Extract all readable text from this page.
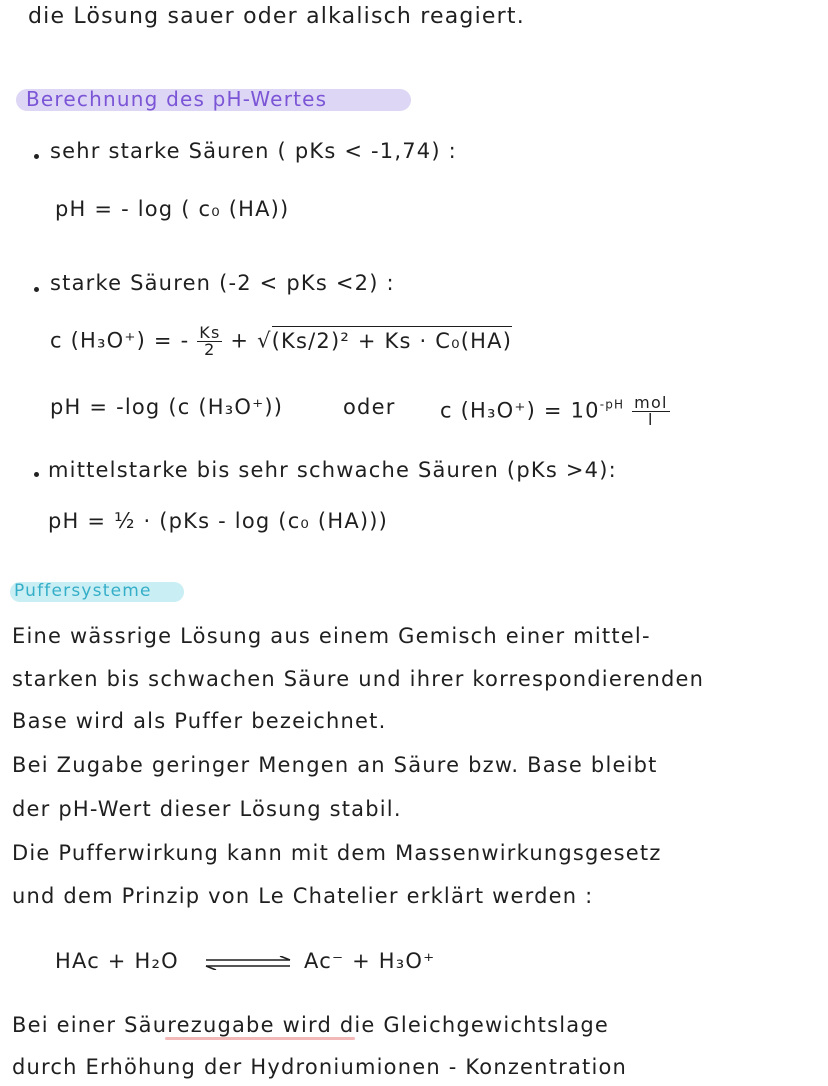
die Lösung sauer oder alkalisch reagiert.
Berechnung des pH-Wertes
sehr starke Säuren ( pKs < -1,74) :
pH = - log ( c₀ (HA))
starke Säuren (-2 < pKs <2) :
c (H₃O⁺) = - $\frac{Ks}{2} + √(Ks/2)^2 + Ks \cdot C_0(HA)$
pH = -log (c (H₃O⁺))	oder c $(H_3O^+) = 10^{-pH} \frac{\text{mol}}{l}$
mittelstarke bis sehr schwache Säuren (pKs >4):
pH = ½ · (pKs - log (c₀ (HA)))
Puffersysteme
Eine wässrige Lösung aus einem Gemisch einer mittel-
starken bis schwachen Säure und ihrer korrespondierenden
Base wird als Puffer bezeichnet.
Bei Zugabe geringer Mengen an Säure bzw. Base bleibt
der pH-Wert dieser Lösung stabil.
Die Pufferwirkung kann mit dem Massenwirkungsgesetz
und dem Prinzip von Le Chatelier erklärt werden :
HAc + H₂O	Ac⁻ + H₃O⁺
Bei einer Säurezugabe wird die Gleichgewichtslage
durch Erhöhung der Hydroniumionen - Konzentration
